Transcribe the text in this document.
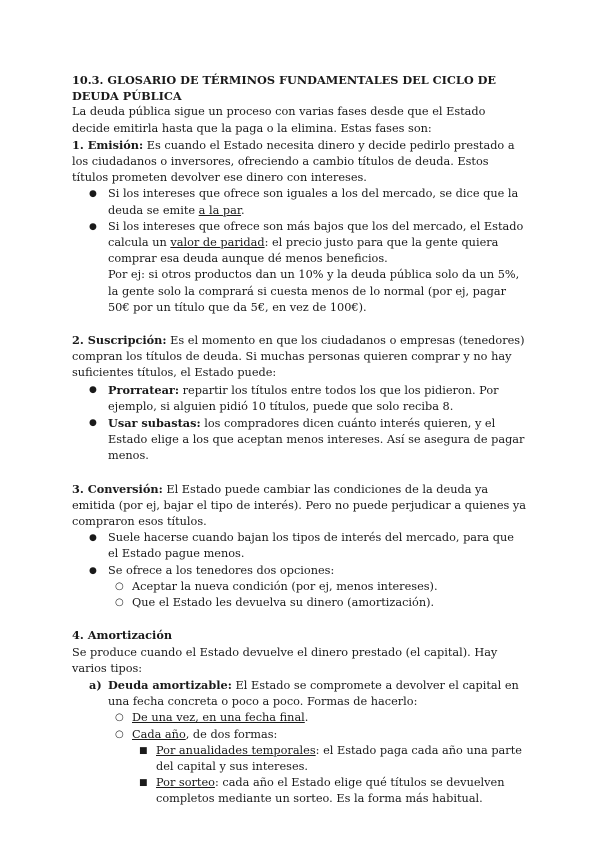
10.3. GLOSARIO DE TÉRMINOS FUNDAMENTALES DEL CICLO DE DEUDA PÚBLICA

La deuda pública sigue un proceso con varias fases desde que el Estado decide emitirla hasta que la paga o la elimina. Estas fases son:

1. Emisión: Es cuando el Estado necesita dinero y decide pedirlo prestado a los ciudadanos o inversores, ofreciendo a cambio títulos de deuda. Estos títulos prometen devolver ese dinero con intereses.

● Si los intereses que ofrece son iguales a los del mercado, se dice que la deuda se emite a la par.
● Si los intereses que ofrece son más bajos que los del mercado, el Estado calcula un valor de paridad: el precio justo para que la gente quiera comprar esa deuda aunque dé menos beneficios.

Por ej: si otros productos dan un 10% y la deuda pública solo da un 5%, la gente solo la comprará si cuesta menos de lo normal (por ej, pagar 50€ por un título que da 5€, en vez de 100€).

2. Suscripción: Es el momento en que los ciudadanos o empresas (tenedores) compran los títulos de deuda. Si muchas personas quieren comprar y no hay suficientes títulos, el Estado puede:

● Prorratear: repartir los títulos entre todos los que los pidieron. Por ejemplo, si alguien pidió 10 títulos, puede que solo reciba 8.
● Usar subastas: los compradores dicen cuánto interés quieren, y el Estado elige a los que aceptan menos intereses. Así se asegura de pagar menos.

3. Conversión: El Estado puede cambiar las condiciones de la deuda ya emitida (por ej, bajar el tipo de interés). Pero no puede perjudicar a quienes ya compraron esos títulos.

● Suele hacerse cuando bajan los tipos de interés del mercado, para que el Estado pague menos.
● Se ofrece a los tenedores dos opciones:
○ Aceptar la nueva condición (por ej, menos intereses).
○ Que el Estado les devuelva su dinero (amortización).

4. Amortización

Se produce cuando el Estado devuelve el dinero prestado (el capital). Hay varios tipos:

a) Deuda amortizable: El Estado se compromete a devolver el capital en una fecha concreta o poco a poco. Formas de hacerlo:
○ De una vez, en una fecha final.
○ Cada año, de dos formas:
■ Por anualidades temporales: el Estado paga cada año una parte del capital y sus intereses.
■ Por sorteo: cada año el Estado elige qué títulos se devuelven completos mediante un sorteo. Es la forma más habitual.
